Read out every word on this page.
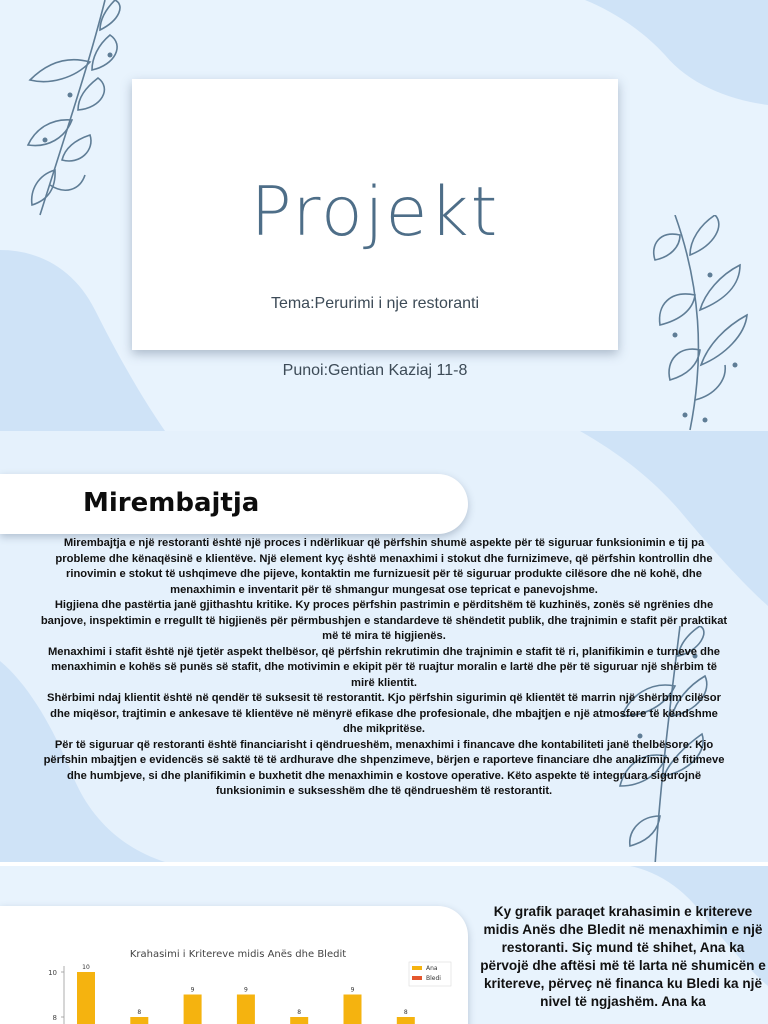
Projekt
Tema:Perurimi i nje restoranti
Punoi:Gentian Kaziaj 11-8
Mirembajtja

Mirembajtja e një restoranti është një proces i ndërlikuar që përfshin shumë aspekte për të siguruar funksionimin e tij pa probleme dhe kënaqësinë e klientëve. Një element kyç është menaxhimi i stokut dhe furnizimeve, që përfshin kontrollin dhe rinovimin e stokut të ushqimeve dhe pijeve, kontaktin me furnizuesit për të siguruar produkte cilësore dhe në kohë, dhe menaxhimin e inventarit për të shmangur mungesat ose tepricat e panevojshme.

Higjiena dhe pastërtia janë gjithashtu kritike. Ky proces përfshin pastrimin e përditshëm të kuzhinës, zonës së ngrënies dhe banjove, inspektimin e rregullt të higjienës për përmbushjen e standardeve të shëndetit publik, dhe trajnimin e stafit për praktikat më të mira të higjienës.

Menaxhimi i stafit është një tjetër aspekt thelbësor, që përfshin rekrutimin dhe trajnimin e stafit të ri, planifikimin e turneve dhe menaxhimin e kohës së punës së stafit, dhe motivimin e ekipit për të ruajtur moralin e lartë dhe për të siguruar një shërbim të mirë klientit.

Shërbimi ndaj klientit është në qendër të suksesit të restorantit. Kjo përfshin sigurimin që klientët të marrin një shërbim cilësor dhe miqësor, trajtimin e ankesave të klientëve në mënyrë efikase dhe profesionale, dhe mbajtjen e një atmosfere të këndshme dhe mikpritëse.

Për të siguruar që restoranti është financiarisht i qëndrueshëm, menaxhimi i financave dhe kontabiliteti janë thelbësore. Kjo përfshin mbajtjen e evidencës së saktë të të ardhurave dhe shpenzimeve, bërjen e raporteve financiare dhe analizimin e fitimeve dhe humbjeve, si dhe planifikimin e buxhetit dhe menaxhimin e kostove operative. Këto aspekte të integruara sigurojnë funksionimin e suksesshëm dhe të qëndrueshëm të restorantit.

Krahasimi i Kritereve midis Anës dhe Bledit
10
8
10
8
9	9
8
9
8
Ana
Bledi
Ky grafik paraqet krahasimin e kritereve midis Anës dhe Bledit në menaxhimin e një restoranti. Siç mund të shihet, Ana ka përvojë dhe aftësi më të larta në shumicën e kritereve, përveç në financa ku Bledi ka një nivel të ngjashëm. Ana ka
